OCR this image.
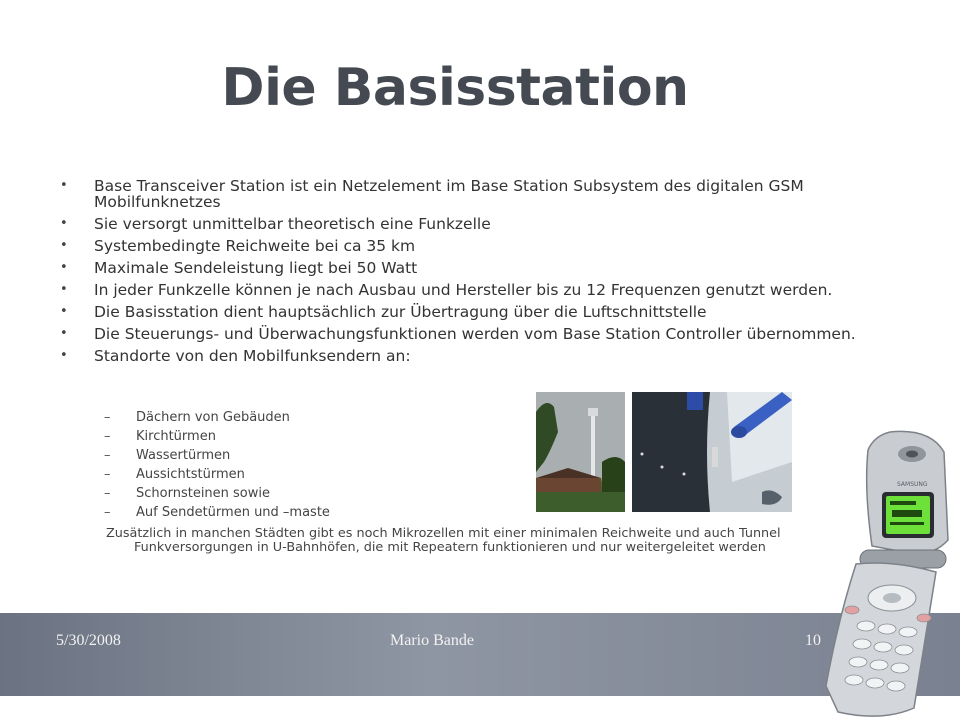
Die Basisstation
• Base Transceiver Station ist ein Netzelement im Base Station Subsystem des digitalen GSM Mobilfunknetzes
• Sie versorgt unmittelbar theoretisch eine Funkzelle
• Systembedingte Reichweite bei ca 35 km
• Maximale Sendeleistung liegt bei 50 Watt
• In jeder Funkzelle können je nach Ausbau und Hersteller bis zu 12 Frequenzen genutzt werden.
• Die Basisstation dient hauptsächlich zur Übertragung über die Luftschnittstelle
• Die Steuerungs- und Überwachungsfunktionen werden vom Base Station Controller übernommen.
• Standorte von den Mobilfunksendern an:
– Dächern von Gebäuden
– Kirchtürmen
– Wassertürmen
– Aussichtstürmen
– Schornsteinen sowie
– Auf Sendetürmen und –maste
Zusätzlich in manchen Städten gibt es noch Mikrozellen mit einer minimalen Reichweite und auch Tunnel
Funkversorgungen in U-Bahnhöfen, die mit Repeatern funktionieren und nur weitergeleitet werden
5/30/2008	Mario Bande	10
SAMSUNG
